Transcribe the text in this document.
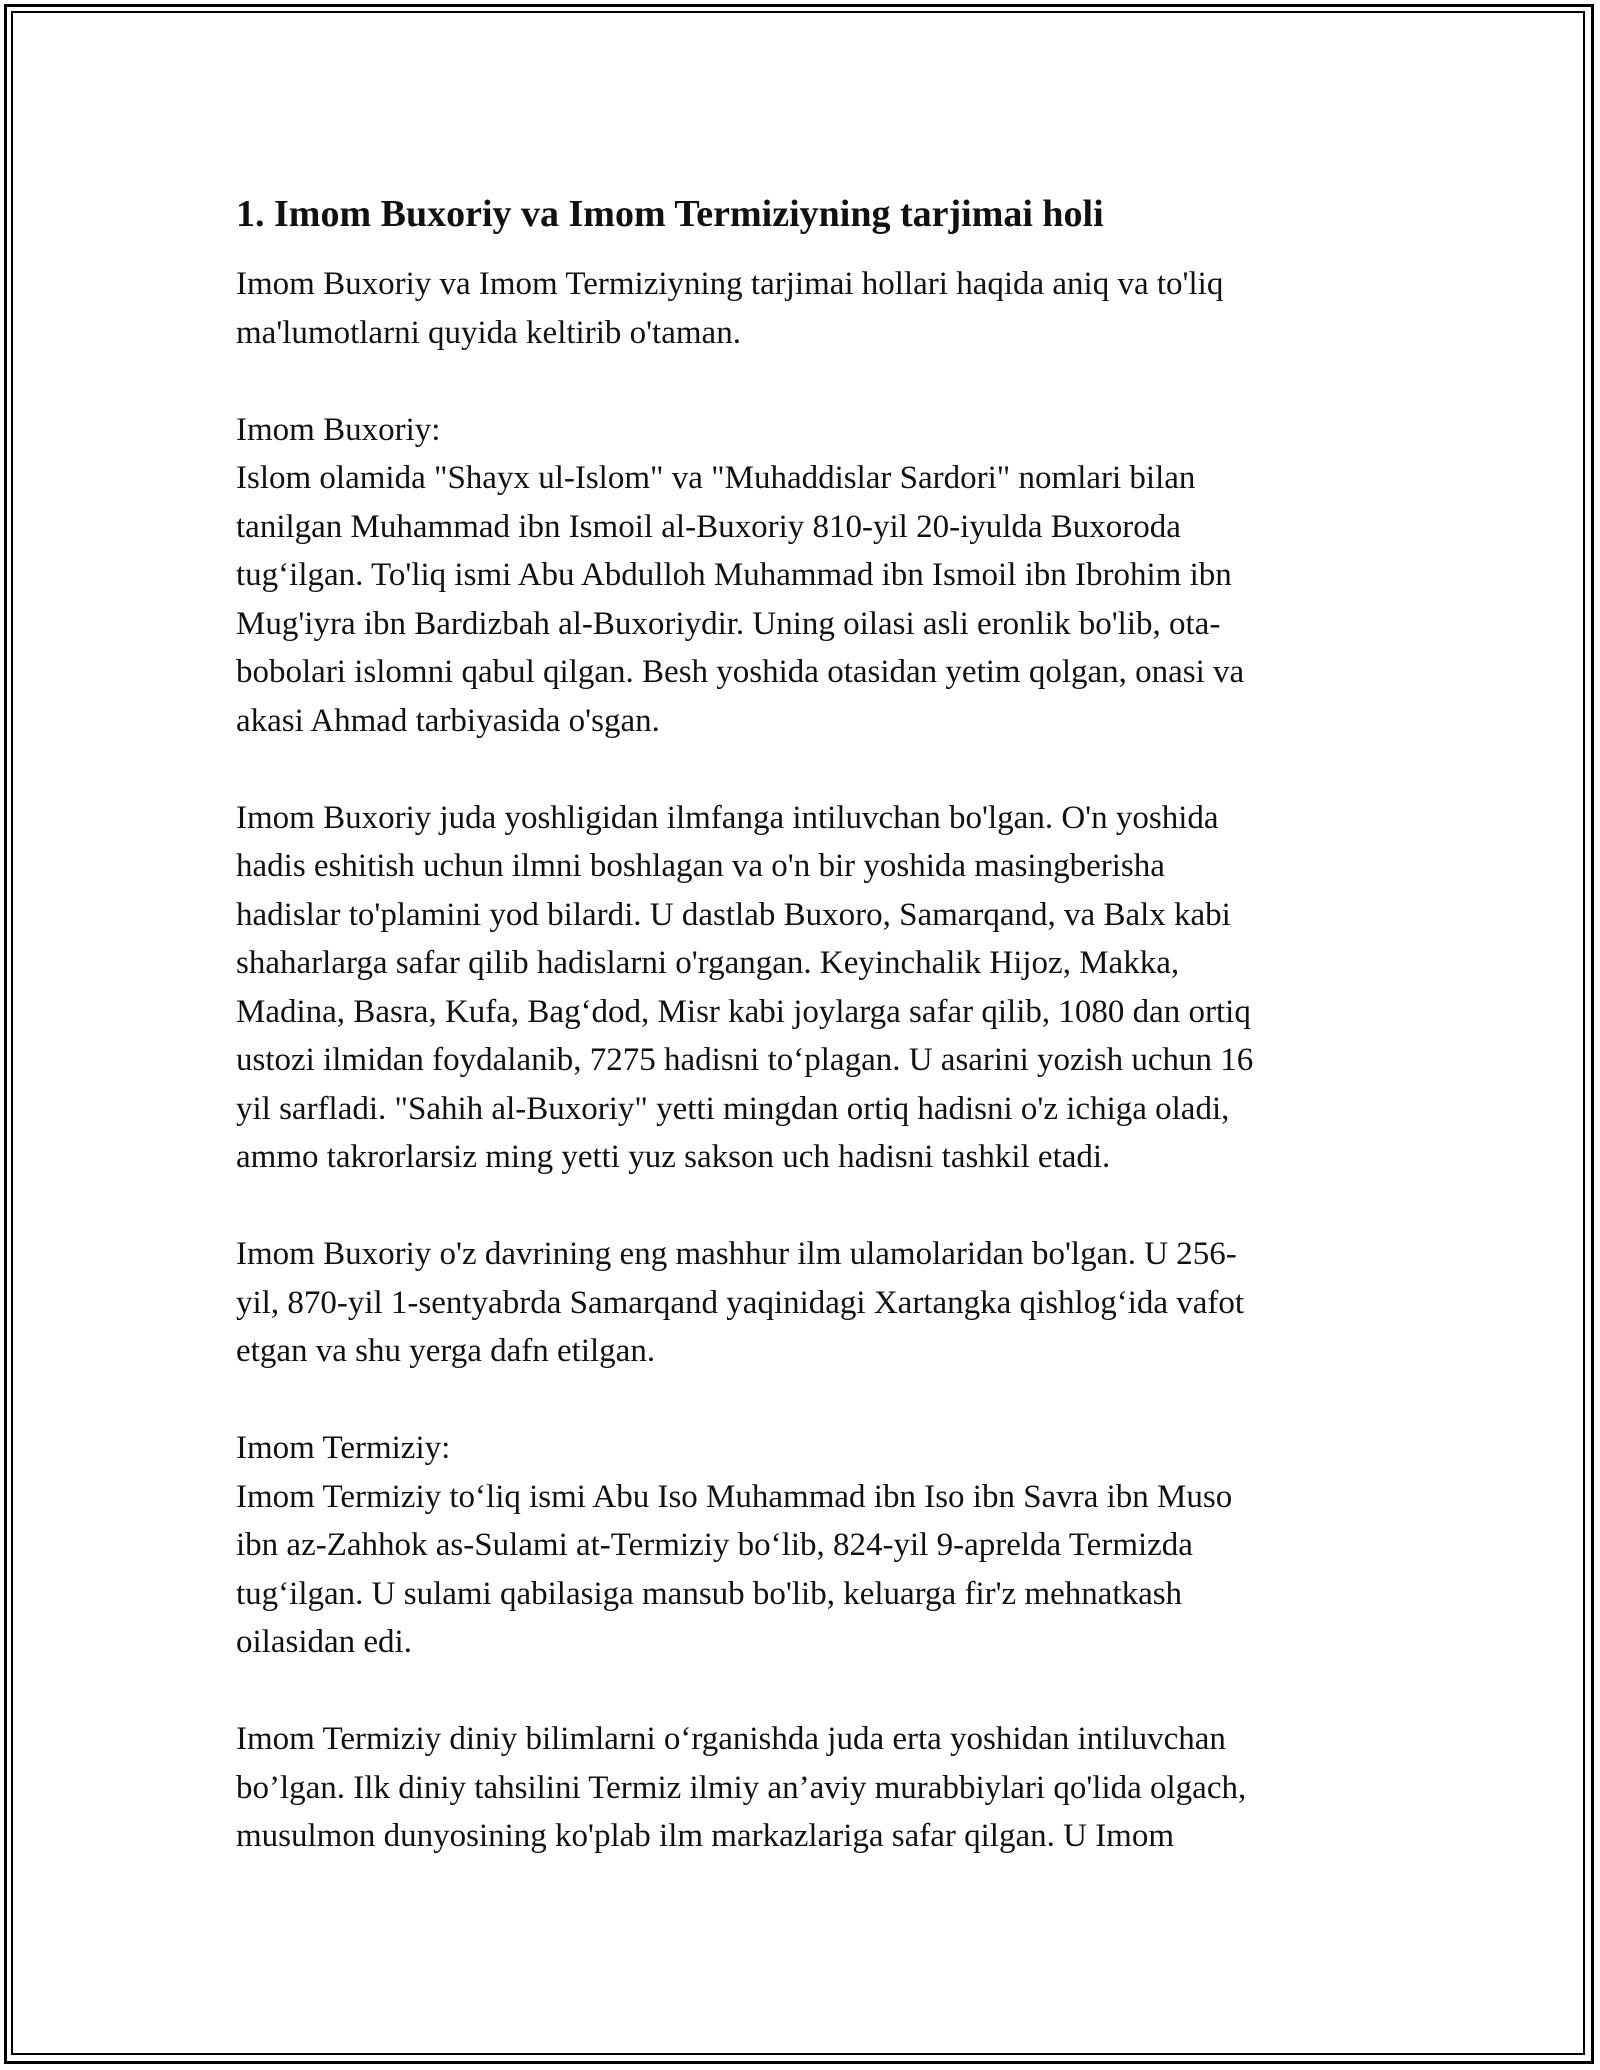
1. Imom Buxoriy va Imom Termiziyning tarjimai holi

Imom Buxoriy va Imom Termiziyning tarjimai hollari haqida aniq va to'liq
ma'lumotlarni quyida keltirib o'taman.

Imom Buxoriy:
Islom olamida "Shayx ul-Islom" va "Muhaddislar Sardori" nomlari bilan
tanilgan Muhammad ibn Ismoil al-Buxoriy 810-yil 20-iyulda Buxoroda
tug‘ilgan. To'liq ismi Abu Abdulloh Muhammad ibn Ismoil ibn Ibrohim ibn
Mug'iyra ibn Bardizbah al-Buxoriydir. Uning oilasi asli eronlik bo'lib, ota-
bobolari islomni qabul qilgan. Besh yoshida otasidan yetim qolgan, onasi va
akasi Ahmad tarbiyasida o'sgan.

Imom Buxoriy juda yoshligidan ilmfanga intiluvchan bo'lgan. O'n yoshida
hadis eshitish uchun ilmni boshlagan va o'n bir yoshida masingberisha
hadislar to'plamini yod bilardi. U dastlab Buxoro, Samarqand, va Balx kabi
shaharlarga safar qilib hadislarni o'rgangan. Keyinchalik Hijoz, Makka,
Madina, Basra, Kufa, Bag‘dod, Misr kabi joylarga safar qilib, 1080 dan ortiq
ustozi ilmidan foydalanib, 7275 hadisni to‘plagan. U asarini yozish uchun 16
yil sarfladi. "Sahih al-Buxoriy" yetti mingdan ortiq hadisni o'z ichiga oladi,
ammo takrorlarsiz ming yetti yuz sakson uch hadisni tashkil etadi.

Imom Buxoriy o'z davrining eng mashhur ilm ulamolaridan bo'lgan. U 256-
yil, 870-yil 1-sentyabrda Samarqand yaqinidagi Xartangka qishlog‘ida vafot
etgan va shu yerga dafn etilgan.

Imom Termiziy:
Imom Termiziy to‘liq ismi Abu Iso Muhammad ibn Iso ibn Savra ibn Muso
ibn az-Zahhok as-Sulami at-Termiziy bo‘lib, 824-yil 9-aprelda Termizda
tug‘ilgan. U sulami qabilasiga mansub bo'lib, keluarga fir'z mehnatkash
oilasidan edi.

Imom Termiziy diniy bilimlarni o‘rganishda juda erta yoshidan intiluvchan
bo’lgan. Ilk diniy tahsilini Termiz ilmiy an’aviy murabbiylari qo'lida olgach,
musulmon dunyosining ko'plab ilm markazlariga safar qilgan. U Imom
